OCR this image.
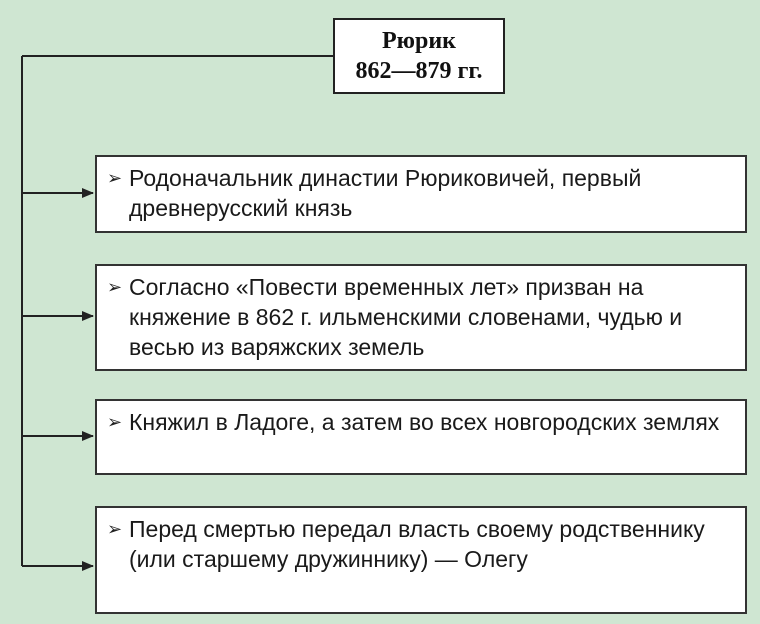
Рюрик
862—879 гг.
➢ Родоначальник династии Рюриковичей, первый древнерусский князь
➢ Согласно «Повести временных лет» призван на княжение в 862 г. ильменскими словенами, чудью и весью из варяжских земель
➢ Княжил в Ладоге, а затем во всех новгородских землях
➢ Перед смертью передал власть своему родственнику (или старшему дружиннику) — Олегу
